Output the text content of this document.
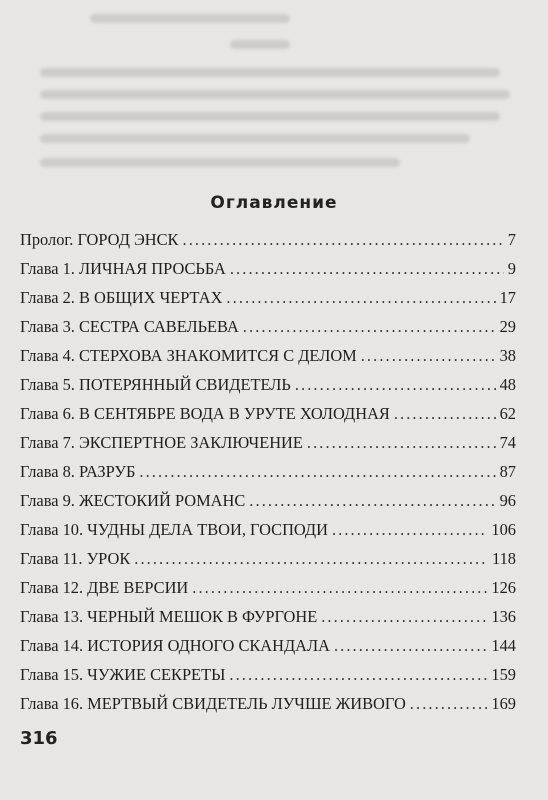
Оглавление
Пролог. ГОРОД ЭНСК . . .	7
Глава 1. ЛИЧНАЯ ПРОСЬБА . . .	9
Глава 2. В ОБЩИХ ЧЕРТАХ . . .	17
Глава 3. СЕСТРА САВЕЛЬЕВА . . .	29
Глава 4. СТЕРХОВА ЗНАКОМИТСЯ С ДЕЛОМ . . .	38
Глава 5. ПОТЕРЯННЫЙ СВИДЕТЕЛЬ . . .	48
Глава 6. В СЕНТЯБРЕ ВОДА В УРУТЕ ХОЛОДНАЯ . . .	62
Глава 7. ЭКСПЕРТНОЕ ЗАКЛЮЧЕНИЕ . . .	74
Глава 8. РАЗРУБ . . .	87
Глава 9. ЖЕСТОКИЙ РОМАНС . . .	96
Глава 10. ЧУДНЫ ДЕЛА ТВОИ, ГОСПОДИ . . .	106
Глава 11. УРОК . . .	118
Глава 12. ДВЕ ВЕРСИИ . . .	126
Глава 13. ЧЕРНЫЙ МЕШОК В ФУРГОНЕ . . .	136
Глава 14. ИСТОРИЯ ОДНОГО СКАНДАЛА . . .	144
Глава 15. ЧУЖИЕ СЕКРЕТЫ . . .	159
Глава 16. МЕРТВЫЙ СВИДЕТЕЛЬ ЛУЧШЕ ЖИВОГО . . .	169
316
